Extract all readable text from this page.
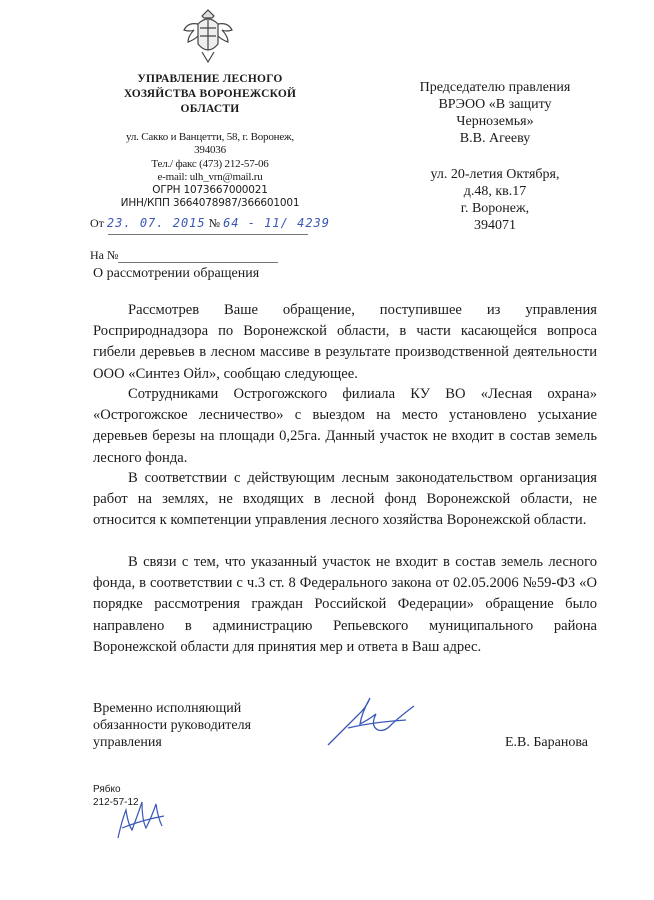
УПРАВЛЕНИЕ ЛЕСНОГО
ХОЗЯЙСТВА ВОРОНЕЖСКОЙ
ОБЛАСТИ
ул. Сакко и Ванцетти, 58, г. Воронеж,
394036
Тел./ факс (473) 212-57-06
e-mail: ulh_vrn@mail.ru
ОГРН 1073667000021
ИНН/КПП 3664078987/366601001
Председателю правления
ВРЭОО «В защиту
Черноземья»
В.В. Агееву
ул. 20-летия Октября,
д.48, кв.17
г. Воронеж,
394071
От 23. 07. 2015 № 64 - 11/ 4239
На №
О рассмотрении обращения

Рассмотрев Ваше обращение, поступившее из управления Росприроднадзора по Воронежской области, в части касающейся вопроса гибели деревьев в лесном массиве в результате производственной деятельности ООО «Синтез Ойл», сообщаю следующее.

Сотрудниками Острогожского филиала КУ ВО «Лесная охрана» «Острогожское лесничество» с выездом на место установлено усыхание деревьев березы на площади 0,25га. Данный участок не входит в состав земель лесного фонда.

В соответствии с действующим лесным законодательством организация работ на землях, не входящих в лесной фонд Воронежской области, не относится к компетенции управления лесного хозяйства Воронежской области.

В связи с тем, что указанный участок не входит в состав земель лесного фонда, в соответствии с ч.3 ст. 8 Федерального закона от 02.05.2006 №59-ФЗ «О порядке рассмотрения граждан Российской Федерации» обращение было направлено в администрацию Репьевского муниципального района Воронежской области для принятия мер и ответа в Ваш адрес.

Временно исполняющий
обязанности руководителя
управления	Е.В. Баранова
Рябко
212-57-12
